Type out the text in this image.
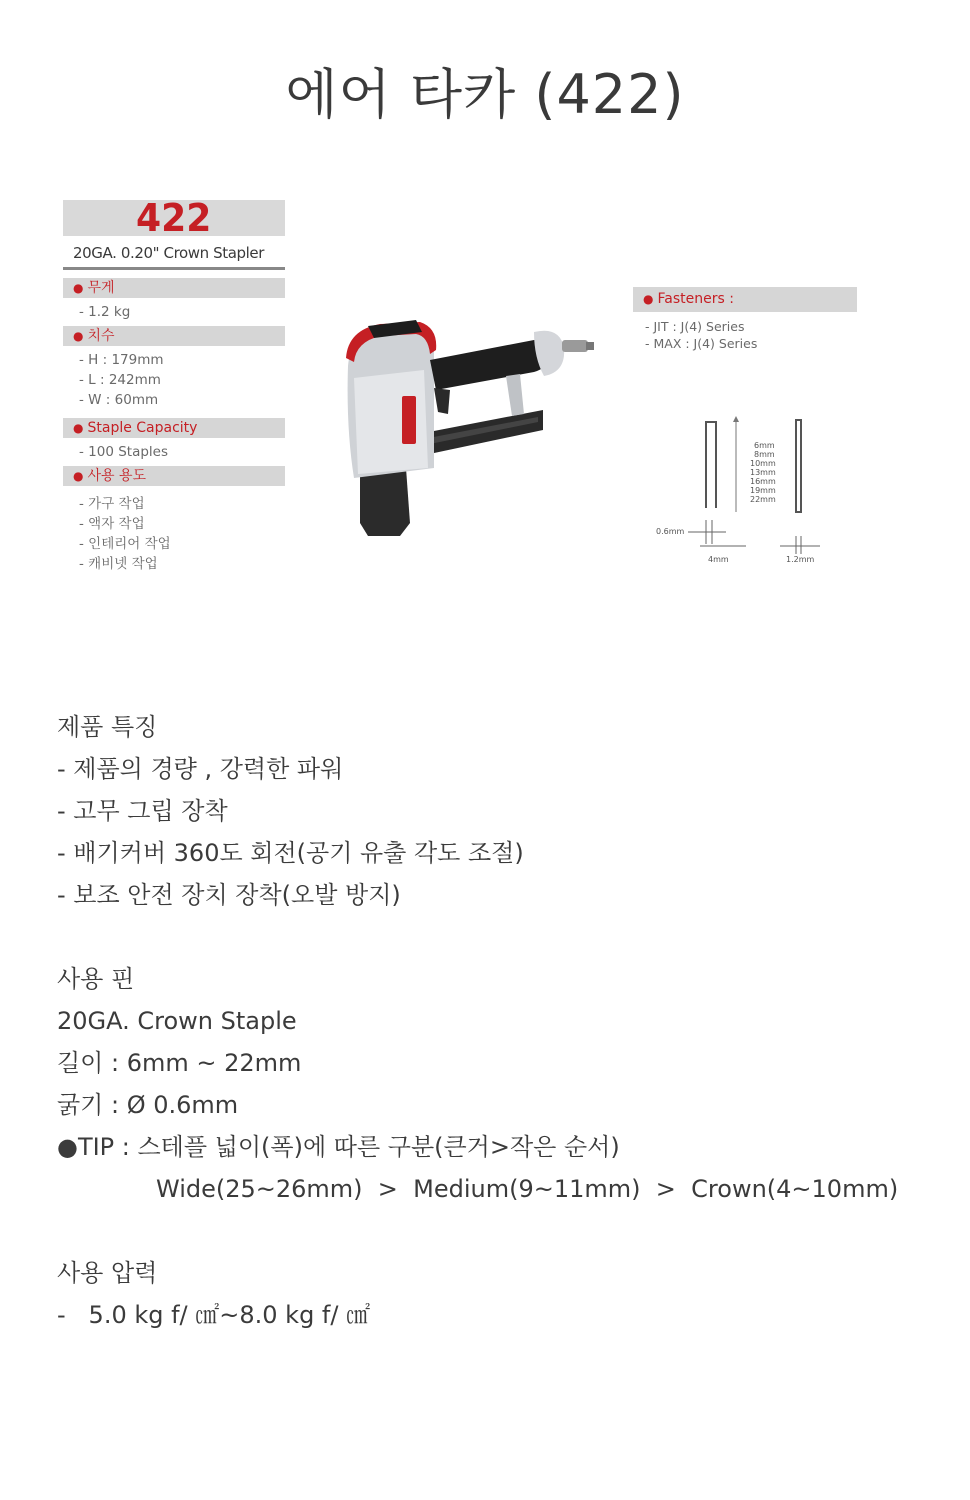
에어 타카 (422)
422
20GA. 0.20" Crown Stapler
● 무게
- 1.2 kg
● 치수
- H : 179mm
- L : 242mm
- W : 60mm
● Staple Capacity
- 100 Staples
● 사용 용도
- 가구 작업
- 액자 작업
- 인테리어 작업
- 캐비넷 작업
● Fasteners :
- JIT : J(4) Series
- MAX : J(4) Series
6mm
8mm
10mm
13mm
16mm
19mm
22mm
0.6mm
4mm	1.2mm
제품 특징
- 제품의 경량 , 강력한 파워
- 고무 그립 장착
- 배기커버 360도 회전(공기 유출 각도 조절)
- 보조 안전 장치 장착(오발 방지)
사용 핀
20GA. Crown Staple
길이 : 6mm ~ 22mm
굵기 : Ø 0.6mm
●TIP : 스테플 넓이(폭)에 따른 구분(큰거>작은 순서)
Wide(25~26mm)  >  Medium(9~11mm)  >  Crown(4~10mm)
사용 압력
-   5.0 kg f/ ㎠~8.0 kg f/ ㎠
